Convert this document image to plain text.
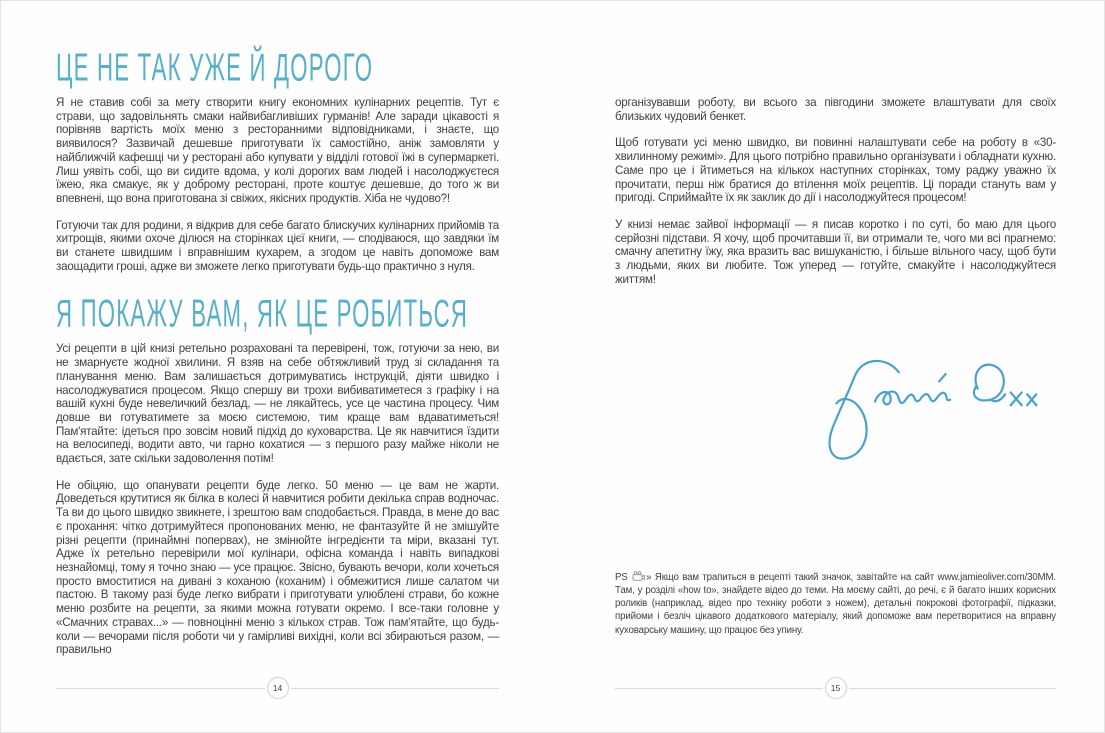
ЦЕ НЕ ТАК УЖЕ Й ДОРОГО

Я не ставив собі за мету створити книгу економних кулінарних рецептів. Тут є страви, що задовільнять смаки найвибагливіших гурманів! Але заради цікавості я порівняв вартість моїх меню з ресторанними відповідниками, і знаєте, що виявилося? Зазвичай дешевше приготувати їх самостійно, аніж замовляти у найближчій кафешці чи у ресторані або купувати у відділі готової їжі в супермаркеті. Лиш уявіть собі, що ви сидите вдома, у колі дорогих вам людей і насолоджуєтеся їжею, яка смакує, як у доброму ресторані, проте коштує дешевше, до того ж ви впевнені, що вона приготована зі свіжих, якісних продуктів. Хіба не чудово?!

Готуючи так для родини, я відкрив для себе багато блискучих кулінарних прийомів та хитрощів, якими охоче ділюся на сторінках цієї книги, — сподіваюся, що завдяки їм ви станете швидшим і вправнішим кухарем, а згодом це навіть допоможе вам заощадити гроші, адже ви зможете легко приготувати будь-що практично з нуля.

Я ПОКАЖУ ВАМ, ЯК ЦЕ РОБИТЬСЯ

Усі рецепти в цій книзі ретельно розраховані та перевірені, тож, готуючи за нею, ви не змарнуєте жодної хвилини. Я взяв на себе обтяжливий труд зі складання та планування меню. Вам залишається дотримуватись інструкцій, діяти швидко і насолоджуватися процесом. Якщо спершу ви трохи вибиватиметеся з графіку і на вашій кухні буде невеличкий безлад, — не лякайтесь, усе це частина процесу. Чим довше ви готуватимете за моєю системою, тим краще вам вдаватиметься! Пам'ятайте: ідеться про зовсім новий підхід до куховарства. Це як навчитися їздити на велосипеді, водити авто, чи гарно кохатися — з першого разу майже ніколи не вдається, зате скільки задоволення потім!

Не обіцяю, що опанувати рецепти буде легко. 50 меню — це вам не жарти. Доведеться крутитися як білка в колесі й навчитися робити декілька справ водночас. Та ви до цього швидко звикнете, і зрештою вам сподобається. Правда, в мене до вас є прохання: чітко дотримуйтеся пропонованих меню, не фантазуйте й не змішуйте різні рецепти (принаймні попервах), не змінюйте інгредієнти та міри, вказані тут. Адже їх ретельно перевірили мої кулінари, офісна команда і навіть випадкові незнайомці, тому я точно знаю — усе працює. Звісно, бувають вечори, коли хочеться просто вмоститися на дивані з коханою (коханим) і обмежитися лише салатом чи пастою. В такому разі буде легко вибрати і приготувати улюблені страви, бо кожне меню розбите на рецепти, за якими можна готувати окремо. І все-таки головне у «Смачних стравах...» — повноцінні меню з кількох страв. Тож пам'ятайте, що будь-коли — вечорами після роботи чи у гамірливі вихідні, коли всі збираються разом, — правильно

організувавши роботу, ви всього за півгодини зможете влаштувати для своїх близьких чудовий бенкет.

Щоб готувати усі меню швидко, ви повинні налаштувати себе на роботу в «30-хвилинному режимі». Для цього потрібно правильно організувати і обладнати кухню. Саме про це і йтиметься на кількох наступних сторінках, тому раджу уважно їх прочитати, перш ніж братися до втілення моїх рецептів. Ці поради стануть вам у пригоді. Сприймайте їх як заклик до дії і насолоджуйтеся процесом!

У книзі немає зайвої інформації — я писав коротко і по суті, бо маю для цього серйозні підстави. Я хочу, щоб прочитавши її, ви отримали те, чого ми всі прагнемо: смачну апетитну їжу, яка вразить вас вишуканістю, і більше вільного часу, щоб бути з людьми, яких ви любите. Тож уперед — готуйте, смакуйте і насолоджуйтеся життям!

PS » Якщо вам трапиться в рецепті такий значок, завітайте на сайт www.jamieoliver.com/30MM. Там, у розділі «how to», знайдете відео до теми. На моєму сайті, до речі, є й багато інших корисних роликів (наприклад, відео про техніку роботи з ножем), детальні покрокові фотографії, підказки, прийоми і безліч цікавого додаткового матеріалу, який допоможе вам перетворитися на вправну куховарську машину, що працює без упину.

14	15
